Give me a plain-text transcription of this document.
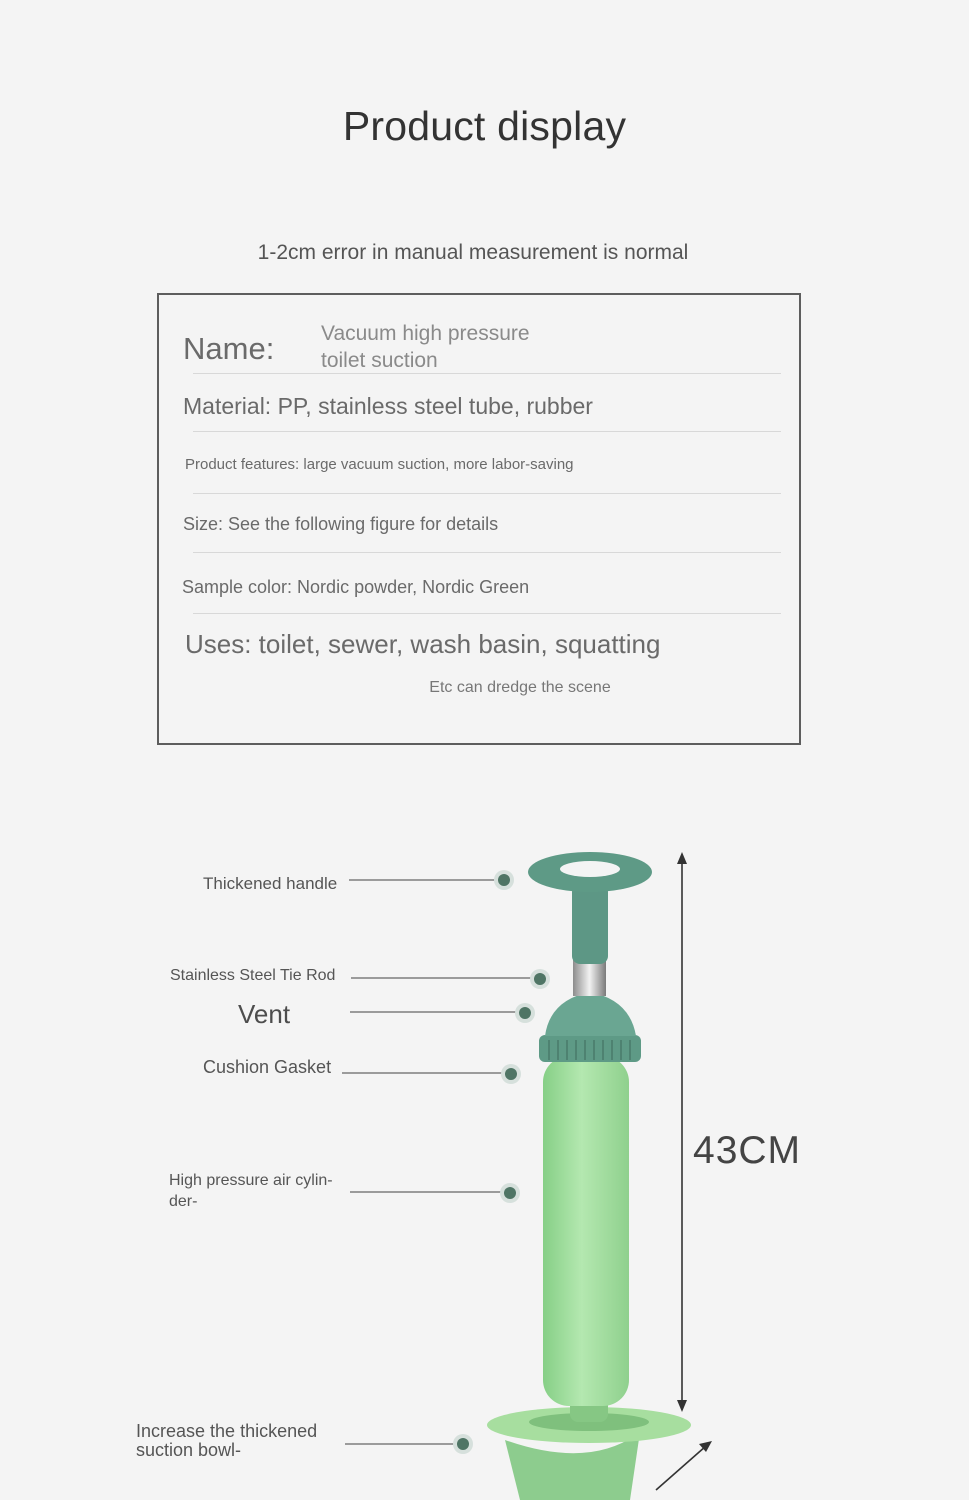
Product display
1-2cm error in manual measurement is normal
Name: Vacuum high pressure
toilet suction
Material: PP, stainless steel tube, rubber
Product features: large vacuum suction, more labor-saving
Size: See the following figure for details
Sample color: Nordic powder, Nordic Green
Uses: toilet, sewer, wash basin, squatting
Etc can dredge the scene
Thickened handle
Stainless Steel Tie Rod
Vent
Cushion Gasket
High pressure air cylin-
der-
Increase the thickened
suction bowl-
43CM
